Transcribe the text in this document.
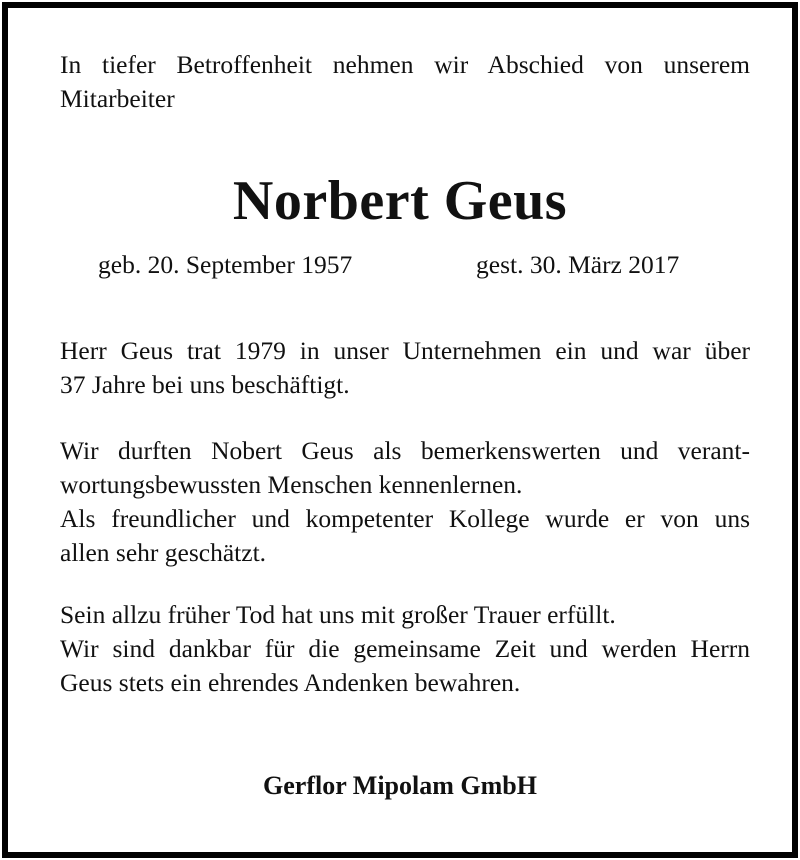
In tiefer Betroffenheit nehmen wir Abschied von unserem
Mitarbeiter

Norbert Geus
geb. 20. September 1957	gest. 30. März 2017

Herr Geus trat 1979 in unser Unternehmen ein und war über
37 Jahre bei uns beschäftigt.

Wir durften Nobert Geus als bemerkenswerten und verant-
wortungsbewussten Menschen kennenlernen.
Als freundlicher und kompetenter Kollege wurde er von uns
allen sehr geschätzt.

Sein allzu früher Tod hat uns mit großer Trauer erfüllt.
Wir sind dankbar für die gemeinsame Zeit und werden Herrn
Geus stets ein ehrendes Andenken bewahren.

Gerflor Mipolam GmbH
